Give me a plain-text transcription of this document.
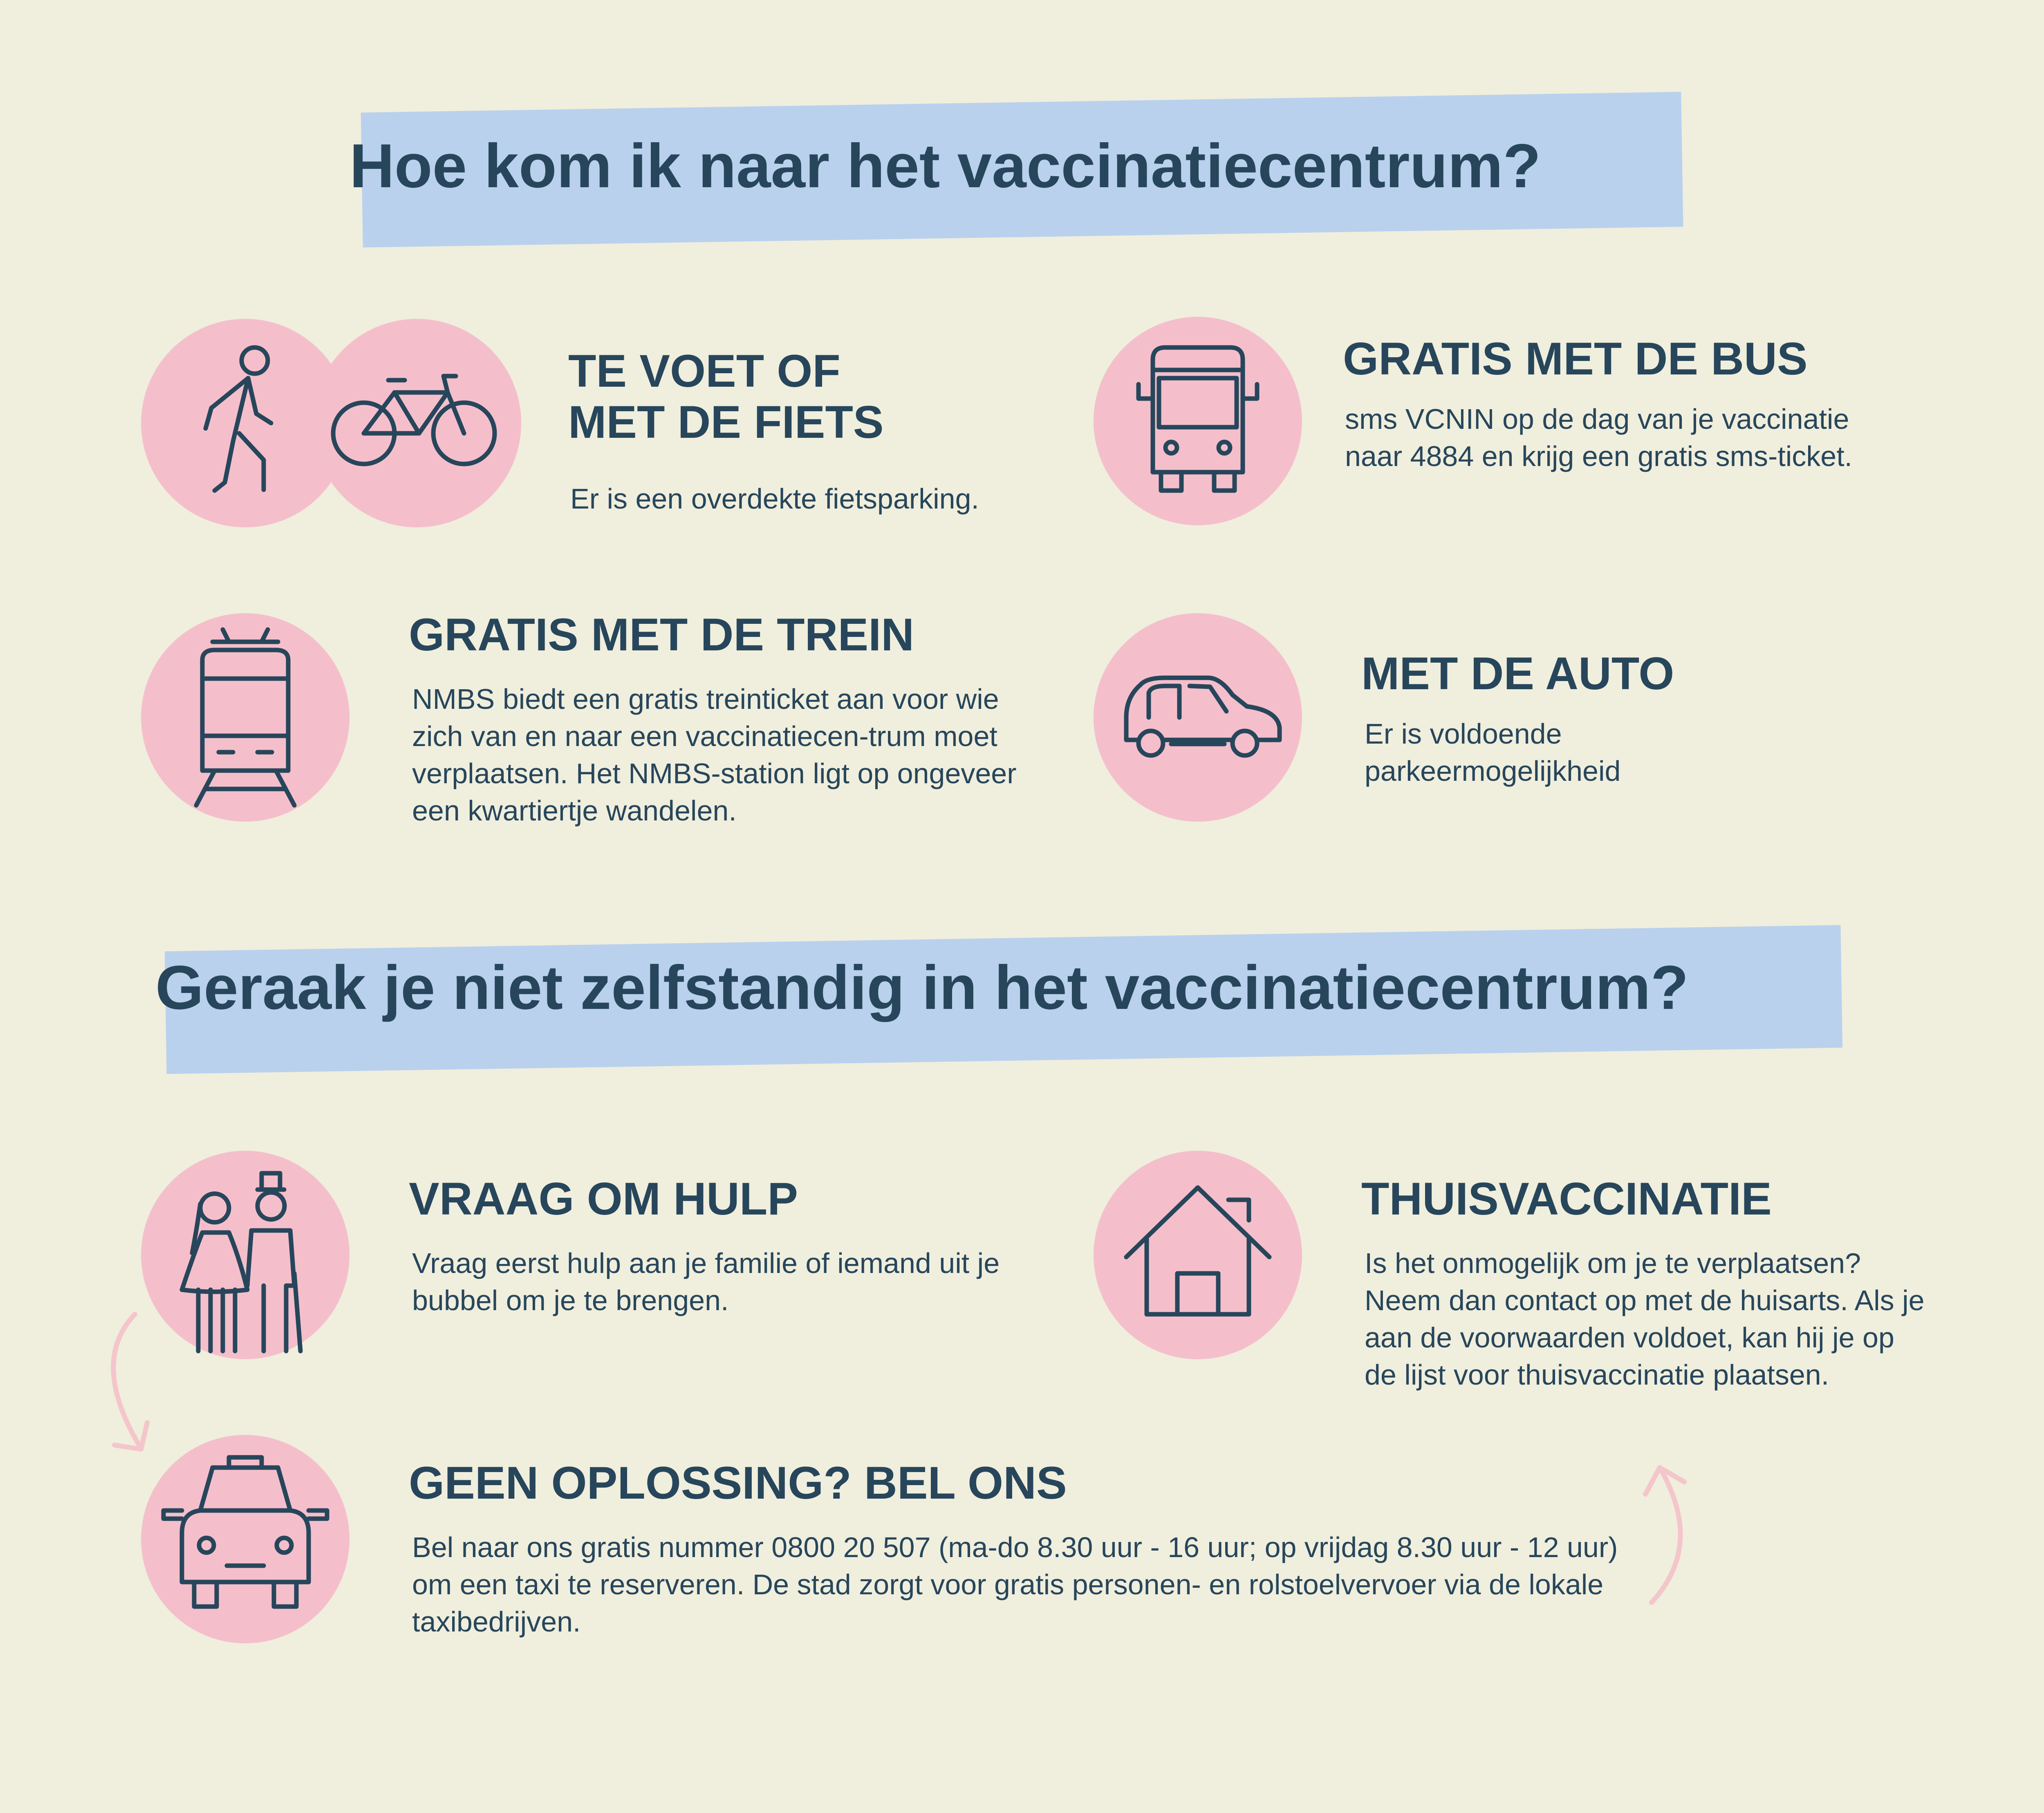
Hoe kom ik naar het vaccinatiecentrum?
TE VOET OF
MET DE FIETS

Er is een overdekte fietsparking.

GRATIS MET DE BUS

sms VCNIN op de dag van je vaccinatie naar 4884 en krijg een gratis sms-ticket.

GRATIS MET DE TREIN

NMBS biedt een gratis treinticket aan voor wie zich van en naar een vaccinatiecen-trum moet verplaatsen. Het NMBS-station ligt op ongeveer een kwartiertje wandelen.

MET DE AUTO

Er is voldoende parkeermogelijkheid

Geraak je niet zelfstandig in het vaccinatiecentrum?
VRAAG OM HULP

Vraag eerst hulp aan je familie of iemand uit je bubbel om je te brengen.

THUISVACCINATIE

Is het onmogelijk om je te verplaatsen? Neem dan contact op met de huisarts. Als je aan de voorwaarden voldoet, kan hij je op de lijst voor thuisvaccinatie plaatsen.

GEEN OPLOSSING? BEL ONS

Bel naar ons gratis nummer 0800 20 507 (ma-do 8.30 uur - 16 uur; op vrijdag 8.30 uur - 12 uur) om een taxi te reserveren. De stad zorgt voor gratis personen- en rolstoelvervoer via de lokale taxibedrijven.
